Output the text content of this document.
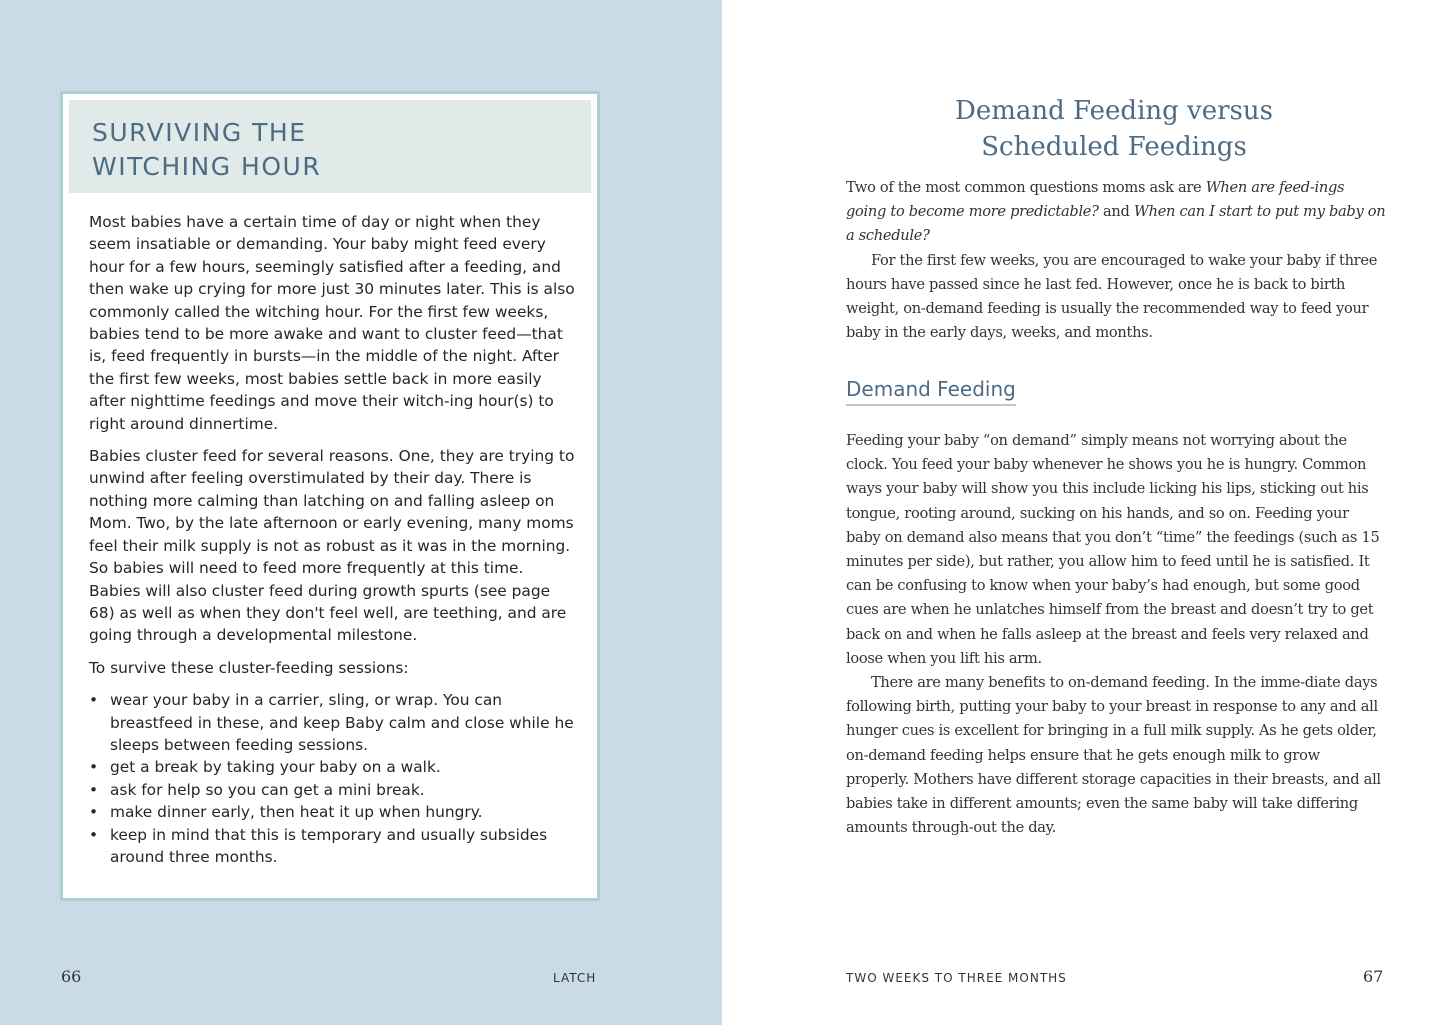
SURVIVING THE
WITCHING HOUR

Most babies have a certain time of day or night when they seem insatiable or demanding. Your baby might feed every hour for a few hours, seemingly satisfied after a feeding, and then wake up crying for more just 30 minutes later. This is also commonly called the witching hour. For the first few weeks, babies tend to be more awake and want to cluster feed—that is, feed frequently in bursts—in the middle of the night. After the first few weeks, most babies settle back in more easily after nighttime feedings and move their witch-ing hour(s) to right around dinnertime.

Babies cluster feed for several reasons. One, they are trying to unwind after feeling overstimulated by their day. There is nothing more calming than latching on and falling asleep on Mom. Two, by the late afternoon or early evening, many moms feel their milk supply is not as robust as it was in the morning. So babies will need to feed more frequently at this time. Babies will also cluster feed during growth spurts (see page 68) as well as when they don't feel well, are teething, and are going through a developmental milestone.

To survive these cluster-feeding sessions:

• wear your baby in a carrier, sling, or wrap. You can breastfeed in these, and keep Baby calm and close while he sleeps between feeding sessions.
• get a break by taking your baby on a walk.
• ask for help so you can get a mini break.
• make dinner early, then heat it up when hungry.
• keep in mind that this is temporary and usually subsides around three months.
66	LATCH
Demand Feeding versus
Scheduled Feedings

Two of the most common questions moms ask are When are feed-ings going to become more predictable? and When can I start to put my baby on a schedule?

For the first few weeks, you are encouraged to wake your baby if three hours have passed since he last fed. However, once he is back to birth weight, on-demand feeding is usually the recommended way to feed your baby in the early days, weeks, and months.

Demand Feeding

Feeding your baby “on demand” simply means not worrying about the clock. You feed your baby whenever he shows you he is hungry. Common ways your baby will show you this include licking his lips, sticking out his tongue, rooting around, sucking on his hands, and so on. Feeding your baby on demand also means that you don’t “time” the feedings (such as 15 minutes per side), but rather, you allow him to feed until he is satisfied. It can be confusing to know when your baby’s had enough, but some good cues are when he unlatches himself from the breast and doesn’t try to get back on and when he falls asleep at the breast and feels very relaxed and loose when you lift his arm.

There are many benefits to on-demand feeding. In the imme-diate days following birth, putting your baby to your breast in response to any and all hunger cues is excellent for bringing in a full milk supply. As he gets older, on-demand feeding helps ensure that he gets enough milk to grow properly. Mothers have different storage capacities in their breasts, and all babies take in different amounts; even the same baby will take differing amounts through-out the day.

TWO WEEKS TO THREE MONTHS	67
